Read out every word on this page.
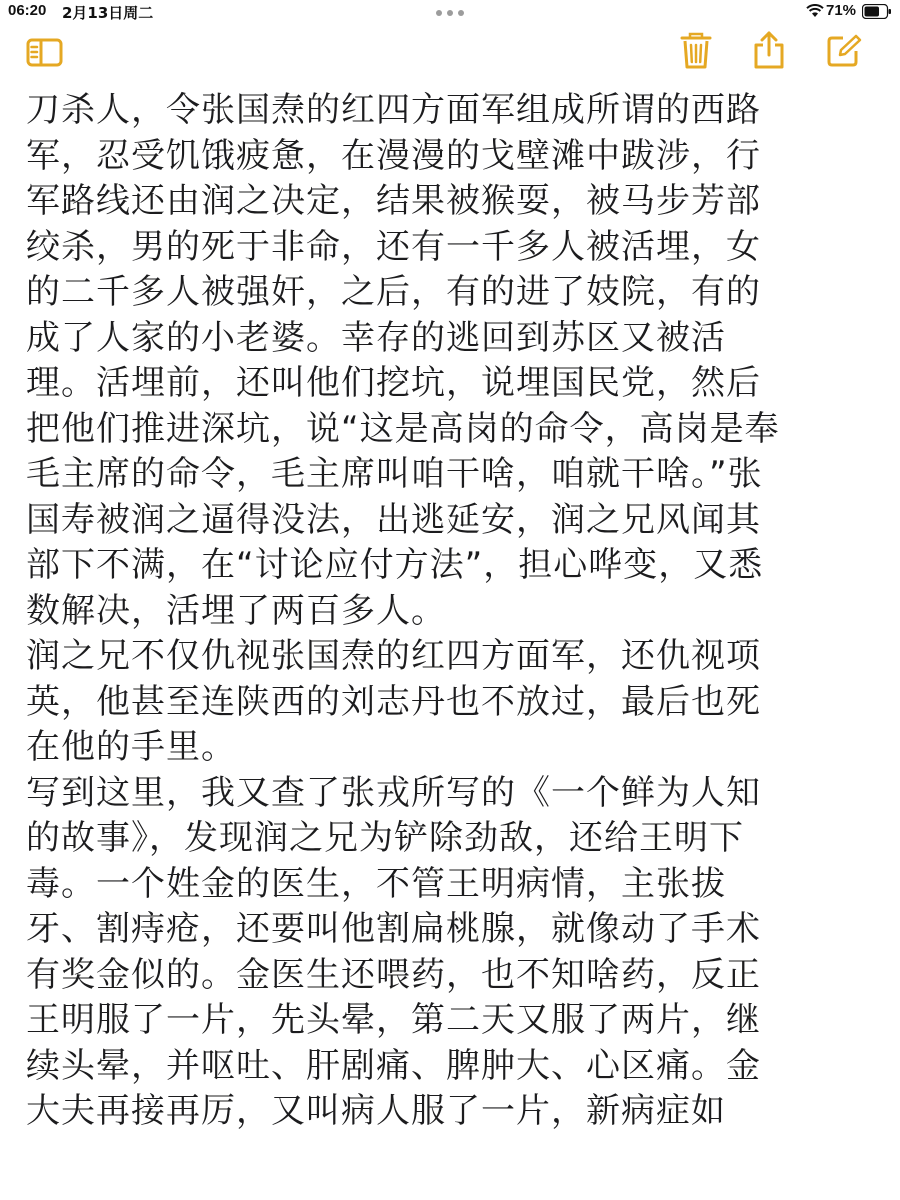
06:20 2月13日周二	71%

刀杀人，令张国焘的红四方面军组成所谓的西路

军，忍受饥饿疲惫，在漫漫的戈壁滩中跋涉，行

军路线还由润之决定，结果被猴耍，被马步芳部

绞杀，男的死于非命，还有一千多人被活埋，女

的二千多人被强奸，之后，有的进了妓院，有的

成了人家的小老婆。幸存的逃回到苏区又被活

理。活埋前，还叫他们挖坑，说埋国民党，然后

把他们推进深坑，说“这是高岗的命令，高岗是奉

毛主席的命令，毛主席叫咱干啥，咱就干啥。”张

国寿被润之逼得没法，出逃延安，润之兄风闻其

部下不满，在“讨论应付方法”，担心哗变，又悉

数解决，活埋了两百多人。

润之兄不仅仇视张国焘的红四方面军，还仇视项

英，他甚至连陕西的刘志丹也不放过，最后也死

在他的手里。

写到这里，我又查了张戎所写的《一个鲜为人知

的故事》，发现润之兄为铲除劲敌，还给王明下

毒。一个姓金的医生，不管王明病情，主张拔

牙、割痔疮，还要叫他割扁桃腺，就像动了手术

有奖金似的。金医生还喂药，也不知啥药，反正

王明服了一片，先头晕，第二天又服了两片，继

续头晕，并呕吐、肝剧痛、脾肿大、心区痛。金

大夫再接再厉，又叫病人服了一片，新病症如
